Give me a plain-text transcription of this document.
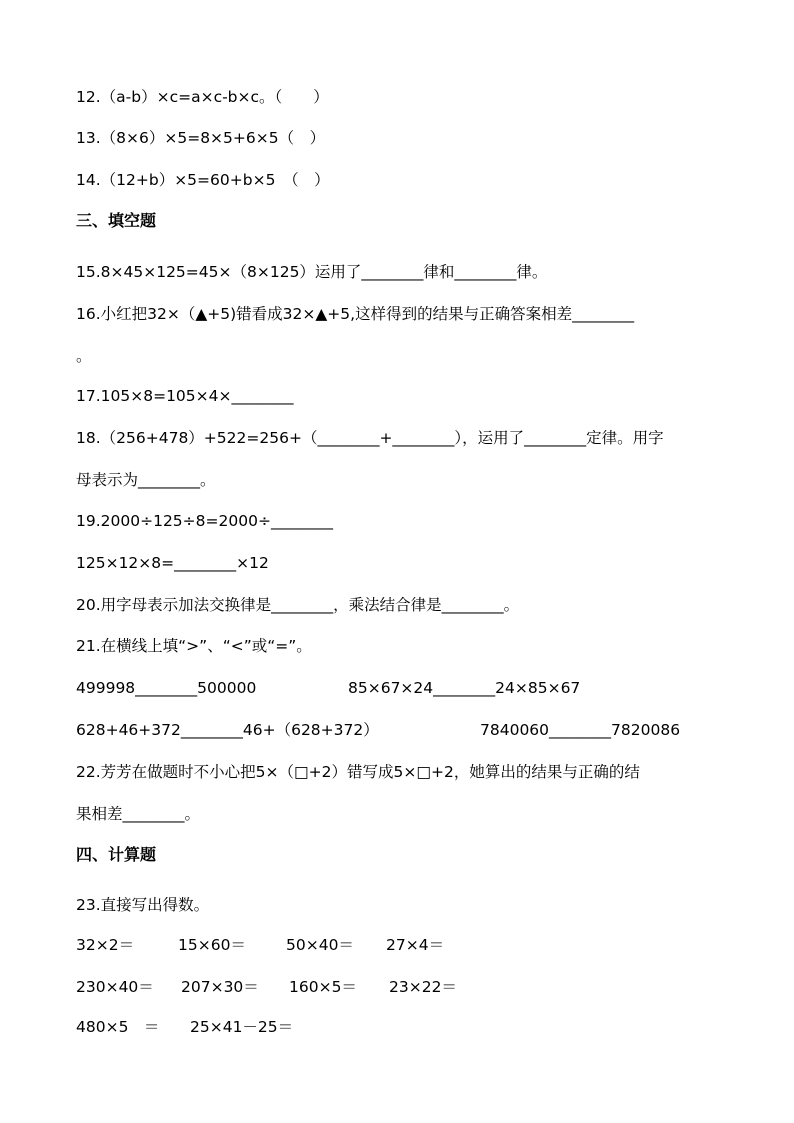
12.（a-b）×c=a×c-b×c。（　　）
13.（8×6）×5=8×5+6×5（　）
14.（12+b）×5=60+b×5　（　）
三、填空题
15.8×45×125=45×（8×125）运用了________律和________律。
16.小红把32×（▲+5)错看成32×▲+5,这样得到的结果与正确答案相差________
。
17.105×8=105×4×________
18.（256+478）+522=256+（________+________），运用了________定律。用字
母表示为________。
19.2000÷125÷8=2000÷________
125×12×8=________×12
20.用字母表示加法交换律是________，乘法结合律是________。
21.在横线上填“>”、“<”或“=”。
499998________500000	85×67×24________24×85×67
628+46+372________46+（628+372）	7840060________7820086
22.芳芳在做题时不小心把5×（□+2）错写成5×□+2，她算出的结果与正确的结
果相差________。
四、计算题
23.直接写出得数。
32×2＝	15×60＝	50×40＝ 27×4＝
230×40＝ 207×30＝ 160×5＝ 23×22＝
480×5　＝ 25×41－25＝
